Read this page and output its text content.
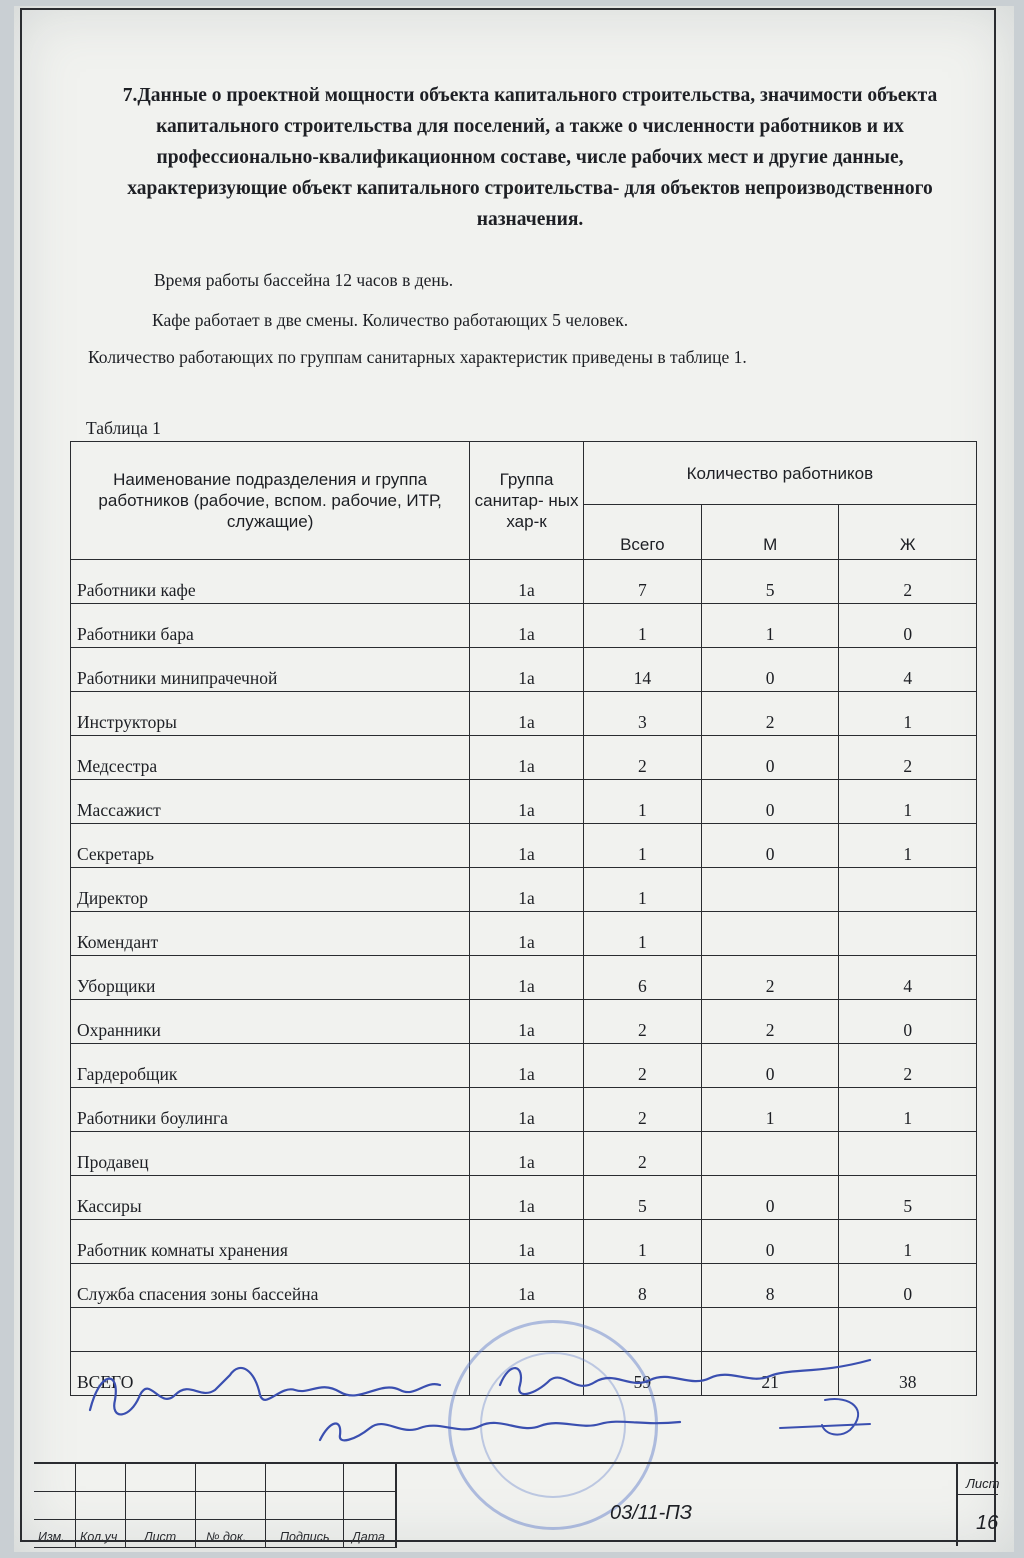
7.Данные о проектной мощности объекта капитального строительства, значимости объекта капитального строительства для поселений, а также о численности работников и их профессионально-квалификационном составе, числе рабочих мест и другие данные, характеризующие объект капитального строительства- для объектов непроизводственного назначения.
Время работы бассейна 12 часов в день.
Кафе работает в две смены. Количество работающих 5 человек.
Количество работающих по группам санитарных характеристик приведены в таблице 1.
Таблица 1
Наименование подразделения и группа работников (рабочие, вспом. рабочие, ИТР, служащие)	Группа санитар- ных хар-к	Количество работников		
		Всего	М	Ж
Работники кафе	1а	7	5	2
Работники бара	1а	1	1	0
Работники минипрачечной	1а	14	0	4
Инструкторы	1а	3	2	1
Медсестра	1а	2	0	2
Массажист	1а	1	0	1
Секретарь	1а	1	0	1
Директор	1а	1		
Комендант	1а	1		
Уборщики	1а	6	2	4
Охранники	1а	2	2	0
Гардеробщик	1а	2	0	2
Работники боулинга	1а	2	1	1
Продавец	1а	2		
Кассиры	1а	5	0	5
Работник комнаты хранения	1а	1	0	1
Служба спасения зоны бассейна	1а	8	8	0

ВСЕГО		59	21	38
Изм. Кол.уч Лист № док.	Подпись Дата
03/11-ПЗ
Лист
16
